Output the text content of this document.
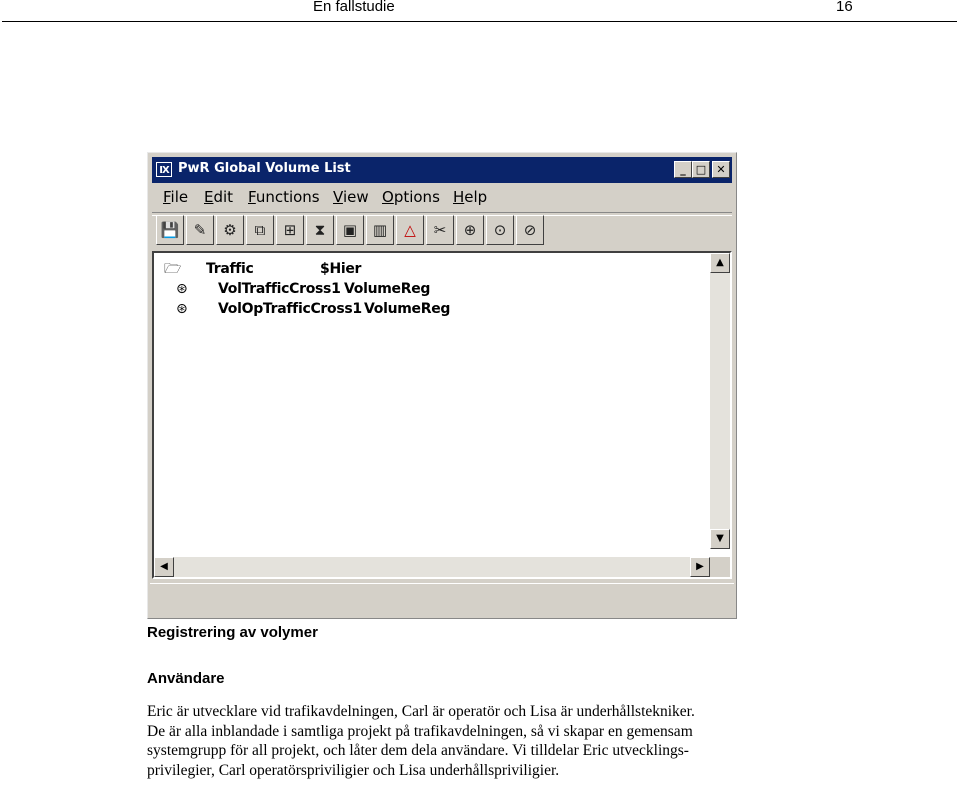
En fallstudie	16
IX PwR Global Volume List	_ □ ✕
File Edit Functions View Options Help
💾 ✎	⚙	⧉	⊞	⧗	▣	▥	△	✂	⊕	⊙	⊘
🗁 Traffic	$Hier
⊛	VolTrafficCross1 VolumeReg
⊛	VolOpTrafficCross1 VolumeReg
▲
▼
◀	▶
Registrering av volymer
Användare

Eric är utvecklare vid trafikavdelningen, Carl är operatör och Lisa är underhållstekniker.

De är alla inblandade i samtliga projekt på trafikavdelningen, så vi skapar en gemensam

systemgrupp för all projekt, och låter dem dela användare. Vi tilldelar Eric utvecklings-

privilegier, Carl operatörspriviligier och Lisa underhållspriviligier.
